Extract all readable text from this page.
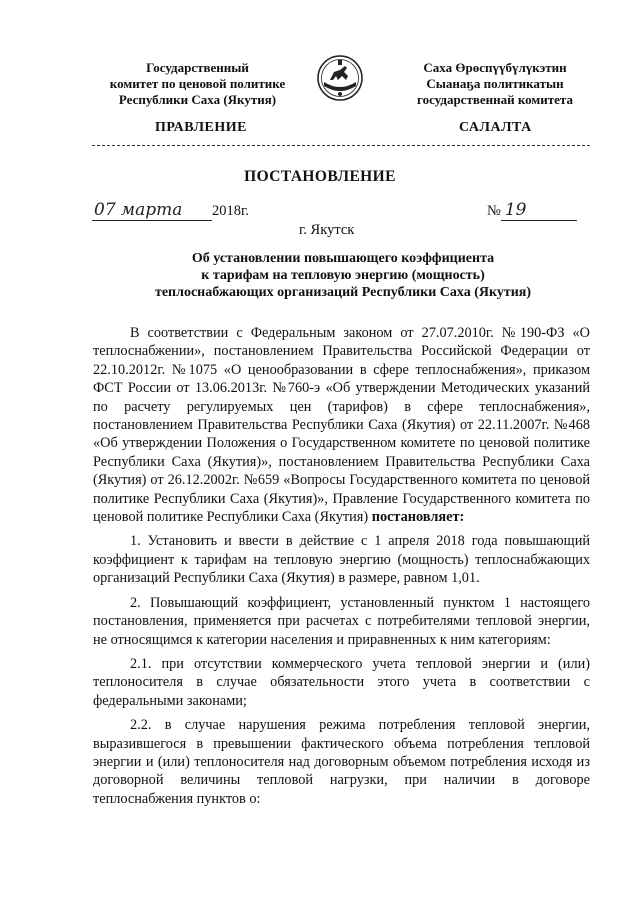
Государственный
комитет по ценовой политике
Республики Саха (Якутия)
Саха Өрөспүүбүлүкэтин
Сыанаҕа политикатын
государственнай комитета
ПРАВЛЕНИЕ	САЛАЛТА
ПОСТАНОВЛЕНИЕ
07 марта 2018г.	№ 19
г. Якутск
Об установлении повышающего коэффициента
к тарифам на тепловую энергию (мощность)
теплоснабжающих организаций Республики Саха (Якутия)

В соответствии с Федеральным законом от 27.07.2010г. №190-ФЗ «О теплоснабжении», постановлением Правительства Российской Федерации от 22.10.2012г. №1075 «О ценообразовании в сфере теплоснабжения», приказом ФСТ России от 13.06.2013г. №760-э «Об утверждении Методических указаний по расчету регулируемых цен (тарифов) в сфере теплоснабжения», постановлением Правительства Республики Саха (Якутия) от 22.11.2007г. №468 «Об утверждении Положения о Государственном комитете по ценовой политике Республики Саха (Якутия)», постановлением Правительства Республики Саха (Якутия) от 26.12.2002г. №659 «Вопросы Государственного комитета по ценовой политике Республики Саха (Якутия)», Правление Государственного комитета по ценовой политике Республики Саха (Якутия) постановляет:

1. Установить и ввести в действие с 1 апреля 2018 года повышающий коэффициент к тарифам на тепловую энергию (мощность) теплоснабжающих организаций Республики Саха (Якутия) в размере, равном 1,01.

2. Повышающий коэффициент, установленный пунктом 1 настоящего постановления, применяется при расчетах с потребителями тепловой энергии, не относящимся к категории населения и приравненных к ним категориям:

2.1. при отсутствии коммерческого учета тепловой энергии и (или) теплоносителя в случае обязательности этого учета в соответствии с федеральными законами;

2.2. в случае нарушения режима потребления тепловой энергии, выразившегося в превышении фактического объема потребления тепловой энергии и (или) теплоносителя над договорным объемом потребления исходя из договорной величины тепловой нагрузки, при наличии в договоре теплоснабжения пунктов о:
